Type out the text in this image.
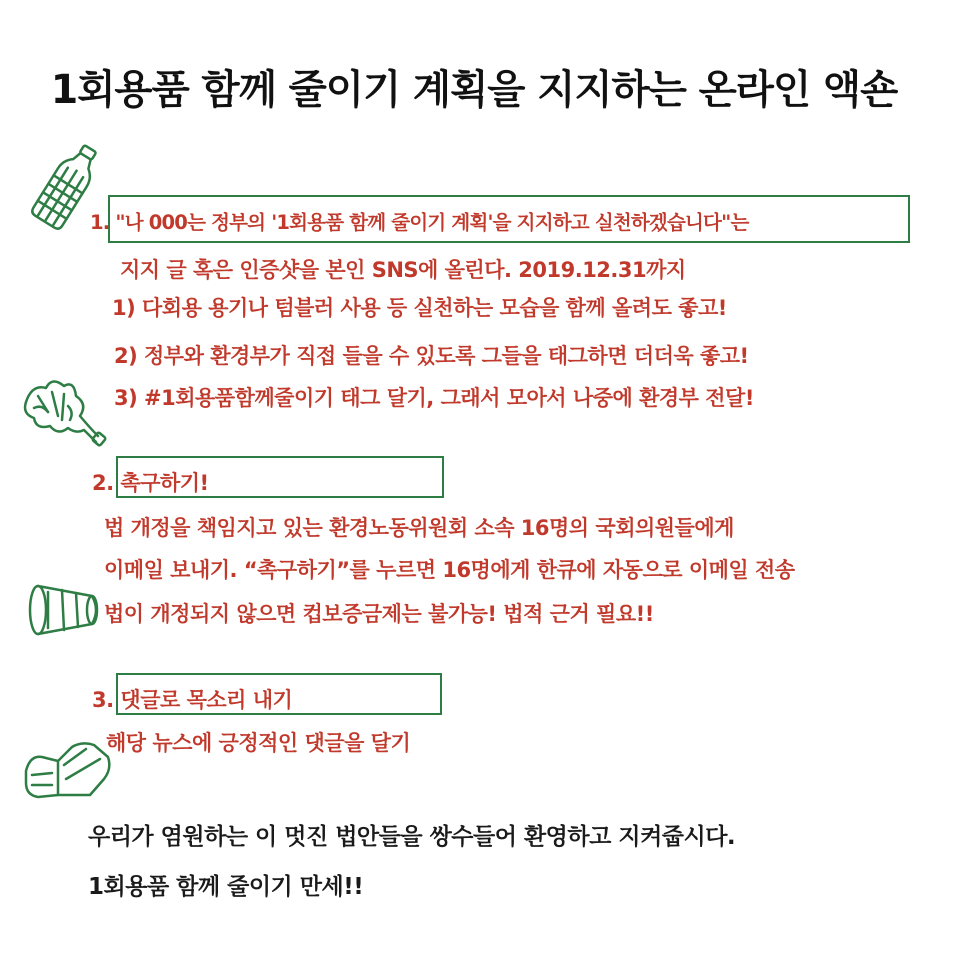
1회용품 함께 줄이기 계획을 지지하는 온라인 액숀
1. "나 000는 정부의 '1회용품 함께 줄이기 계획'을 지지하고 실천하겠습니다"는
지지 글 혹은 인증샷을 본인 SNS에 올린다. 2019.12.31까지
1) 다회용 용기나 텀블러 사용 등 실천하는 모습을 함께 올려도 좋고!
2) 정부와 환경부가 직접 들을 수 있도록 그들을 태그하면 더더욱 좋고!
3) #1회용품함께줄이기 태그 달기, 그래서 모아서 나중에 환경부 전달!
2. 촉구하기!
법 개정을 책임지고 있는 환경노동위원회 소속 16명의 국회의원들에게
이메일 보내기. “촉구하기”를 누르면 16명에게 한큐에 자동으로 이메일 전송
법이 개정되지 않으면 컵보증금제는 불가능! 법적 근거 필요!!
3. 댓글로 목소리 내기
해당 뉴스에 긍정적인 댓글을 달기
우리가 염원하는 이 멋진 법안들을 쌍수들어 환영하고 지켜줍시다.
1회용품 함께 줄이기 만세!!
